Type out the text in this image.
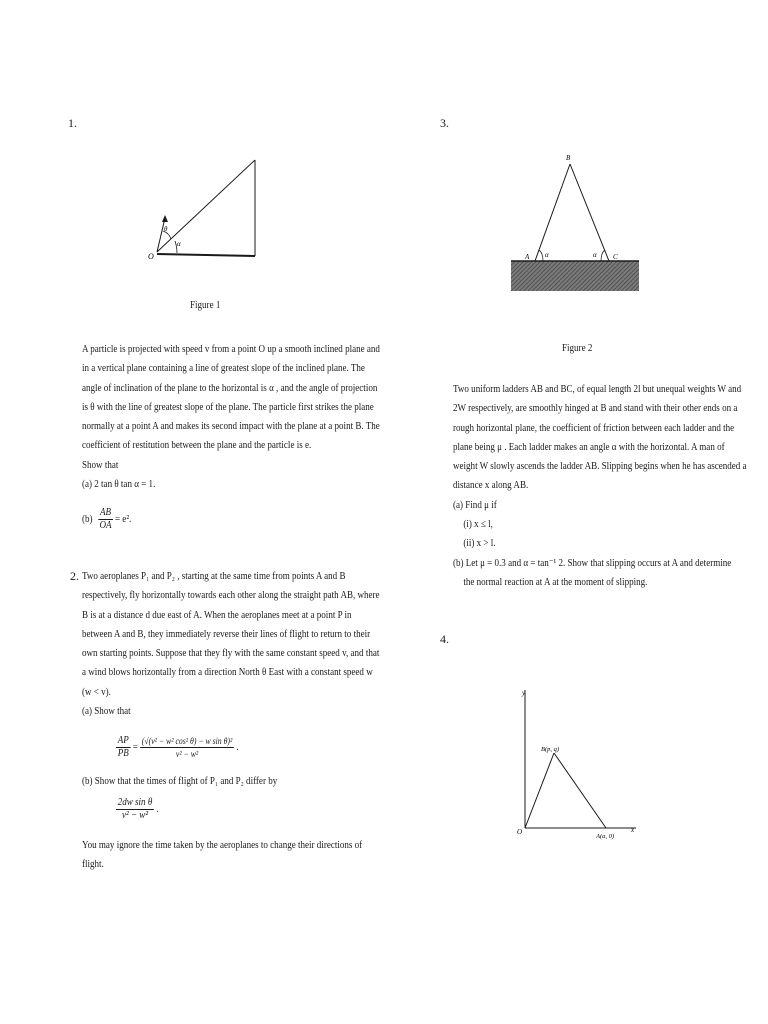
1.
θ
α
O
Figure 1
A particle is projected with speed v from a point O up a smooth inclined plane and
in a vertical plane containing a line of greatest slope of the inclined plane. The
angle of inclination of the plane to the horizontal is α , and the angle of projection
is θ with the line of greatest slope of the plane. The particle first strikes the plane
normally at a point A and makes its second impact with the plane at a point B. The
coefficient of restitution between the plane and the particle is e.
Show that
(a) 2 tan θ tan α = 1.
$(b) \frac{AB}{OA} = e^2$.
2. Two aeroplanes P₁ and P₂ , starting at the same time from points A and B
respectively, fly horizontally towards each other along the straight path AB, where
B is at a distance d due east of A. When the aeroplanes meet at a point P in
between A and B, they immediately reverse their lines of flight to return to their
own starting points. Suppose that they fly with the same constant speed v, and that
a wind blows horizontally from a direction North θ East with a constant speed w
(w < v).
(a) Show that
$\frac{AP}{PB} = \frac{\text{(√(v² − w² cos² θ) − w sin θ)²}}{\text{v² − w²}}$ .
(b) Show that the times of flight of P₁ and P₂ differ by
$\frac{\text{2dw sin θ}}{\text{v² − w²}}$ .
You may ignore the time taken by the aeroplanes to change their directions of
flight.
3.
B
A	C
α	α
Figure 2
Two uniform ladders AB and BC, of equal length 2l but unequal weights W and
2W respectively, are smoothly hinged at B and stand with their other ends on a
rough horizontal plane, the coefficient of friction between each ladder and the
plane being μ . Each ladder makes an angle α with the horizontal. A man of
weight W slowly ascends the ladder AB. Slipping begins when he has ascended a
distance x along AB.
(a) Find μ if
(i) x ≤ l,
(ii) x > l.
(b) Let μ = 0.3 and α = tan⁻¹ 2. Show that slipping occurs at A and determine
the normal reaction at A at the moment of slipping.
4.
y
x
O
B(p, q)
A(a, 0)
